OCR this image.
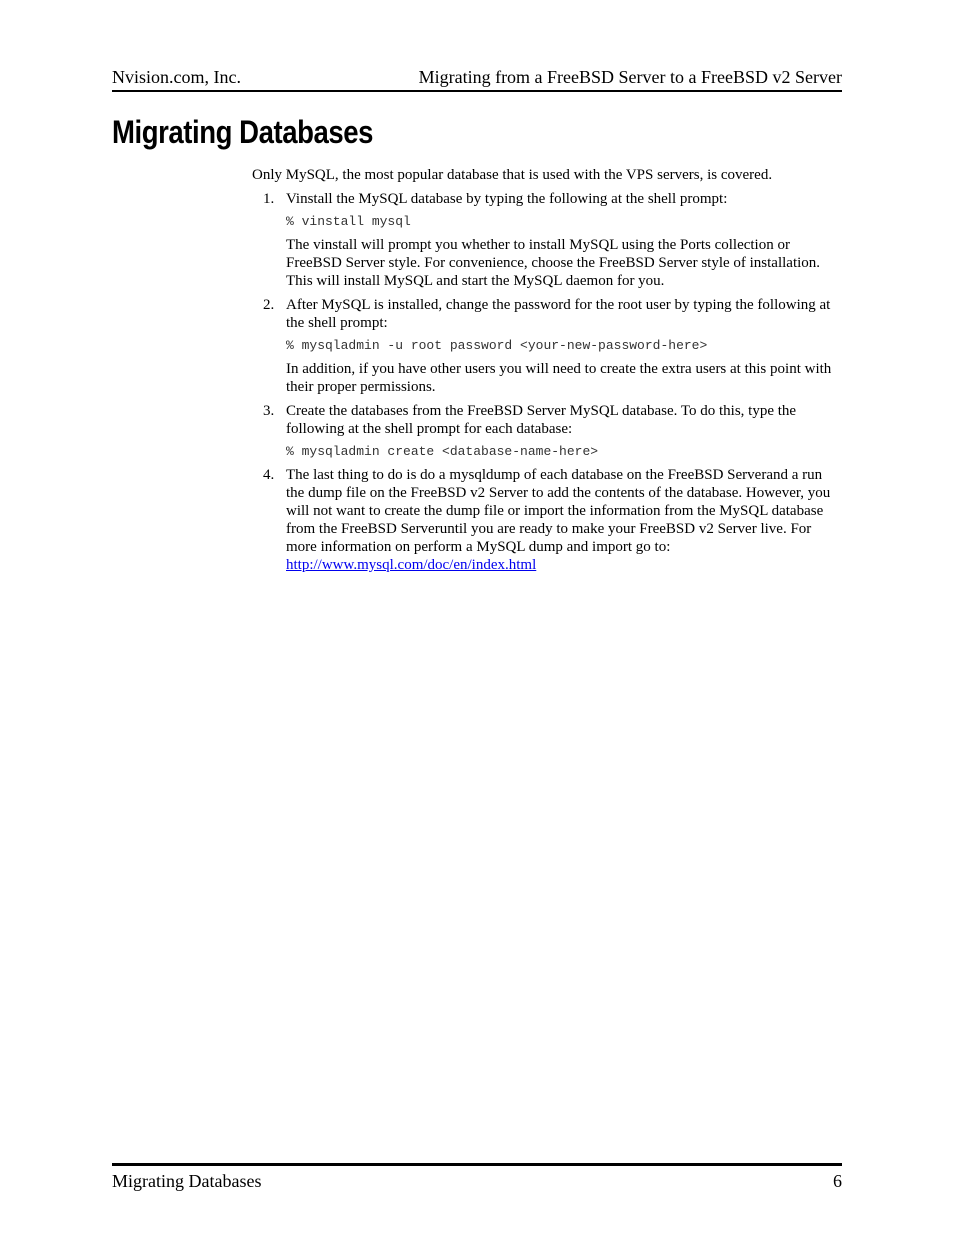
Nvision.com, Inc.	Migrating from a FreeBSD Server to a FreeBSD v2 Server
Migrating Databases

Only MySQL, the most popular database that is used with the VPS servers, is covered.

1. Vinstall the MySQL database by typing the following at the shell prompt:

% vinstall mysql

The vinstall will prompt you whether to install MySQL using the Ports collection or FreeBSD Server style. For convenience, choose the FreeBSD Server style of installation. This will install MySQL and start the MySQL daemon for you.

2. After MySQL is installed, change the password for the root user by typing the following at the shell prompt:

% mysqladmin -u root password <your-new-password-here>

In addition, if you have other users you will need to create the extra users at this point with their proper permissions.

3. Create the databases from the FreeBSD Server MySQL database. To do this, type the following at the shell prompt for each database:

% mysqladmin create <database-name-here>
4. The last thing to do is do a mysqldump of each database on the FreeBSD Serverand a run the dump file on the FreeBSD v2 Server to add the contents of the database. However, you will not want to create the dump file or import the information from the MySQL database from the FreeBSD Serveruntil you are ready to make your FreeBSD v2 Server live. For more information on perform a MySQL dump and import go to:

http://www.mysql.com/doc/en/index.html
Migrating Databases	6
